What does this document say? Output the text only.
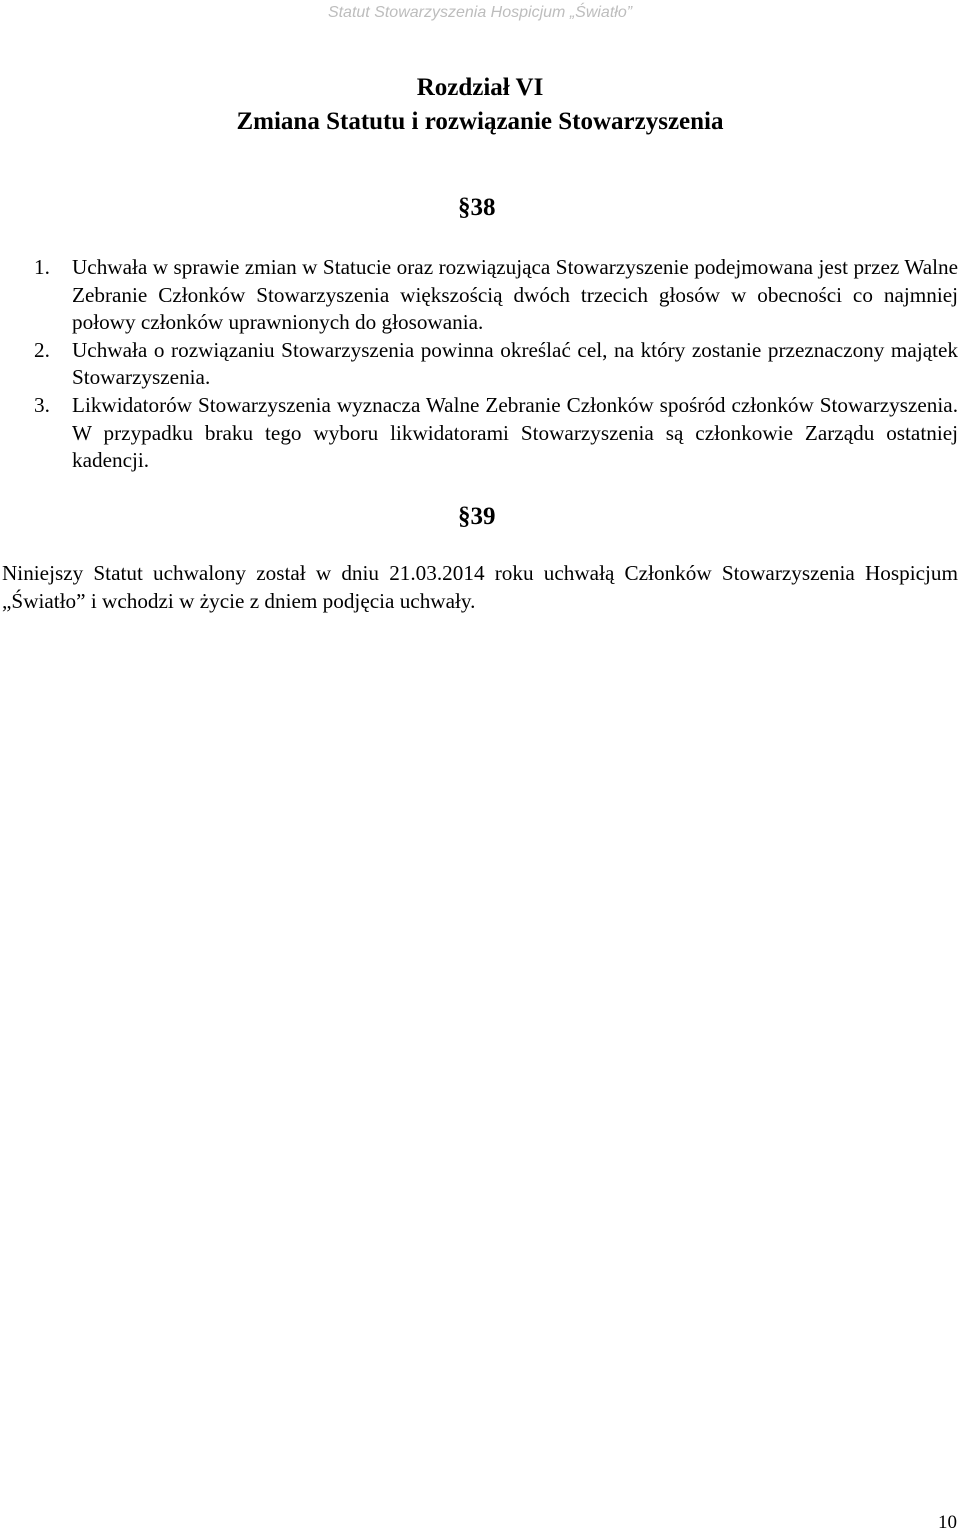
Statut Stowarzyszenia Hospicjum „Światło”
Rozdział VI
Zmiana Statutu i rozwiązanie Stowarzyszenia
§38
1. Uchwała w sprawie zmian w Statucie oraz rozwiązująca Stowarzyszenie podejmowana jest przez Walne Zebranie Członków Stowarzyszenia większością dwóch trzecich głosów w obecności co najmniej połowy członków uprawnionych do głosowania.
2. Uchwała o rozwiązaniu Stowarzyszenia powinna określać cel, na który zostanie przeznaczony majątek Stowarzyszenia.
3. Likwidatorów Stowarzyszenia wyznacza Walne Zebranie Członków spośród członków Stowarzyszenia. W przypadku braku tego wyboru likwidatorami Stowarzyszenia są członkowie Zarządu ostatniej kadencji.
§39

Niniejszy Statut uchwalony został w dniu 21.03.2014 roku uchwałą Członków Stowarzyszenia Hospicjum „Światło” i wchodzi w życie z dniem podjęcia uchwały.

10
